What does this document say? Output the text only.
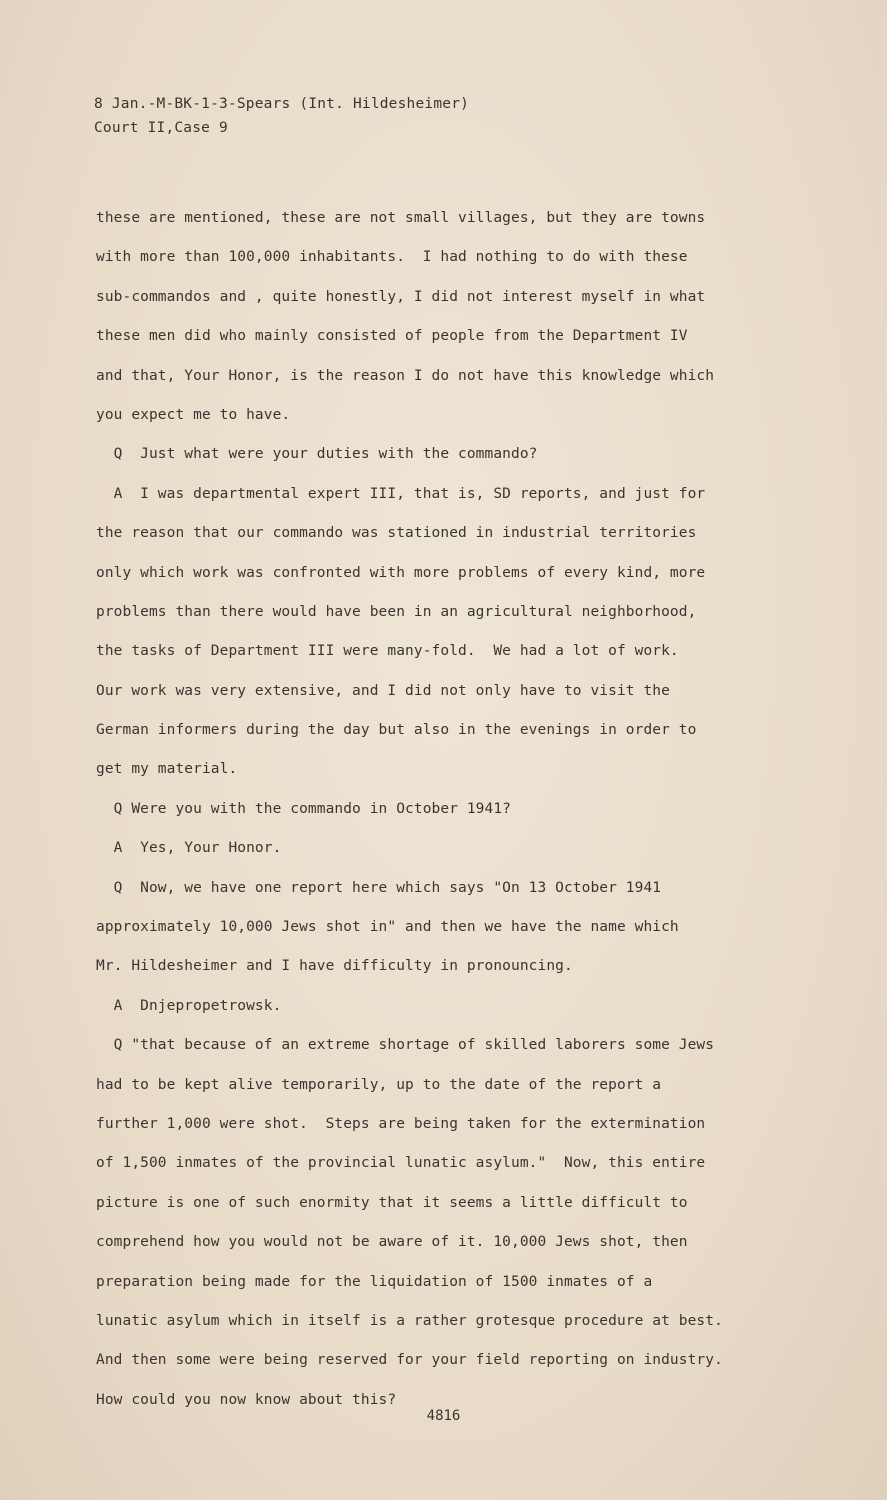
8 Jan.-M-BK-1-3-Spears (Int. Hildesheimer)
Court II,Case 9
these are mentioned, these are not small villages, but they are towns
with more than 100,000 inhabitants.  I had nothing to do with these
sub-commandos and , quite honestly, I did not interest myself in what
these men did who mainly consisted of people from the Department IV
and that, Your Honor, is the reason I do not have this knowledge which
you expect me to have.
Q  Just what were your duties with the commando?
A  I was departmental expert III, that is, SD reports, and just for
the reason that our commando was stationed in industrial territories
only which work was confronted with more problems of every kind, more
problems than there would have been in an agricultural neighborhood,
the tasks of Department III were many-fold.  We had a lot of work.
Our work was very extensive, and I did not only have to visit the
German informers during the day but also in the evenings in order to
get my material.
Q Were you with the commando in October 1941?
A  Yes, Your Honor.
Q  Now, we have one report here which says "On 13 October 1941
approximately 10,000 Jews shot in" and then we have the name which
Mr. Hildesheimer and I have difficulty in pronouncing.
A  Dnjepropetrowsk.
Q "that because of an extreme shortage of skilled laborers some Jews
had to be kept alive temporarily, up to the date of the report a
further 1,000 were shot.  Steps are being taken for the extermination
of 1,500 inmates of the provincial lunatic asylum."  Now, this entire
picture is one of such enormity that it seems a little difficult to
comprehend how you would not be aware of it. 10,000 Jews shot, then
preparation being made for the liquidation of 1500 inmates of a
lunatic asylum which in itself is a rather grotesque procedure at best.
And then some were being reserved for your field reporting on industry.
How could you now know about this?
4816
